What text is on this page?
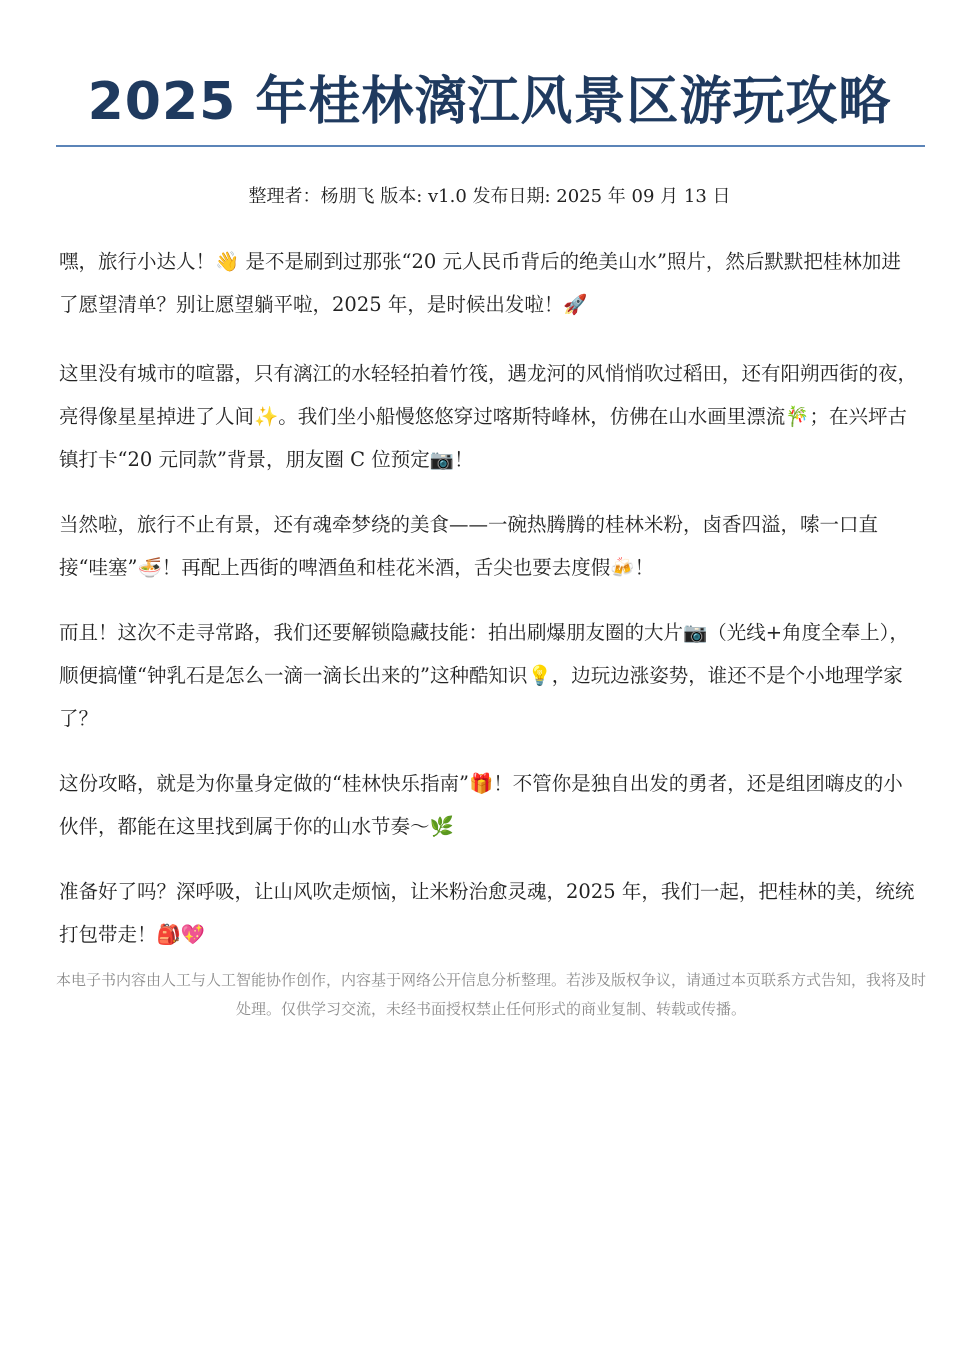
2025 年桂林漓江风景区游玩攻略
整理者：杨朋飞 版本: v1.0 发布日期: 2025 年 09 月 13 日

嘿，旅行小达人！👋 是不是刷到过那张“20 元人民币背后的绝美山水”照片，然后默默把桂林加进了愿望清单？别让愿望躺平啦，2025 年，是时候出发啦！🚀

这里没有城市的喧嚣，只有漓江的水轻轻拍着竹筏，遇龙河的风悄悄吹过稻田，还有阳朔西街的夜，亮得像星星掉进了人间✨。我们坐小船慢悠悠穿过喀斯特峰林，仿佛在山水画里漂流🎋；在兴坪古镇打卡“20 元同款”背景，朋友圈 C 位预定📷！

当然啦，旅行不止有景，还有魂牵梦绕的美食——一碗热腾腾的桂林米粉，卤香四溢，嗦一口直接“哇塞”🍜！再配上西街的啤酒鱼和桂花米酒，舌尖也要去度假🍻！

而且！这次不走寻常路，我们还要解锁隐藏技能：拍出刷爆朋友圈的大片📷（光线+角度全奉上），顺便搞懂“钟乳石是怎么一滴一滴长出来的”这种酷知识💡，边玩边涨姿势，谁还不是个小地理学家了？

这份攻略，就是为你量身定做的“桂林快乐指南”🎁！不管你是独自出发的勇者，还是组团嗨皮的小伙伴，都能在这里找到属于你的山水节奏～🌿

准备好了吗？深呼吸，让山风吹走烦恼，让米粉治愈灵魂，2025 年，我们一起，把桂林的美，统统打包带走！🎒💖

本电子书内容由人工与人工智能协作创作，内容基于网络公开信息分析整理。若涉及版权争议，请通过本页联系方式告知，我将及时处理。仅供学习交流，未经书面授权禁止任何形式的商业复制、转载或传播。
